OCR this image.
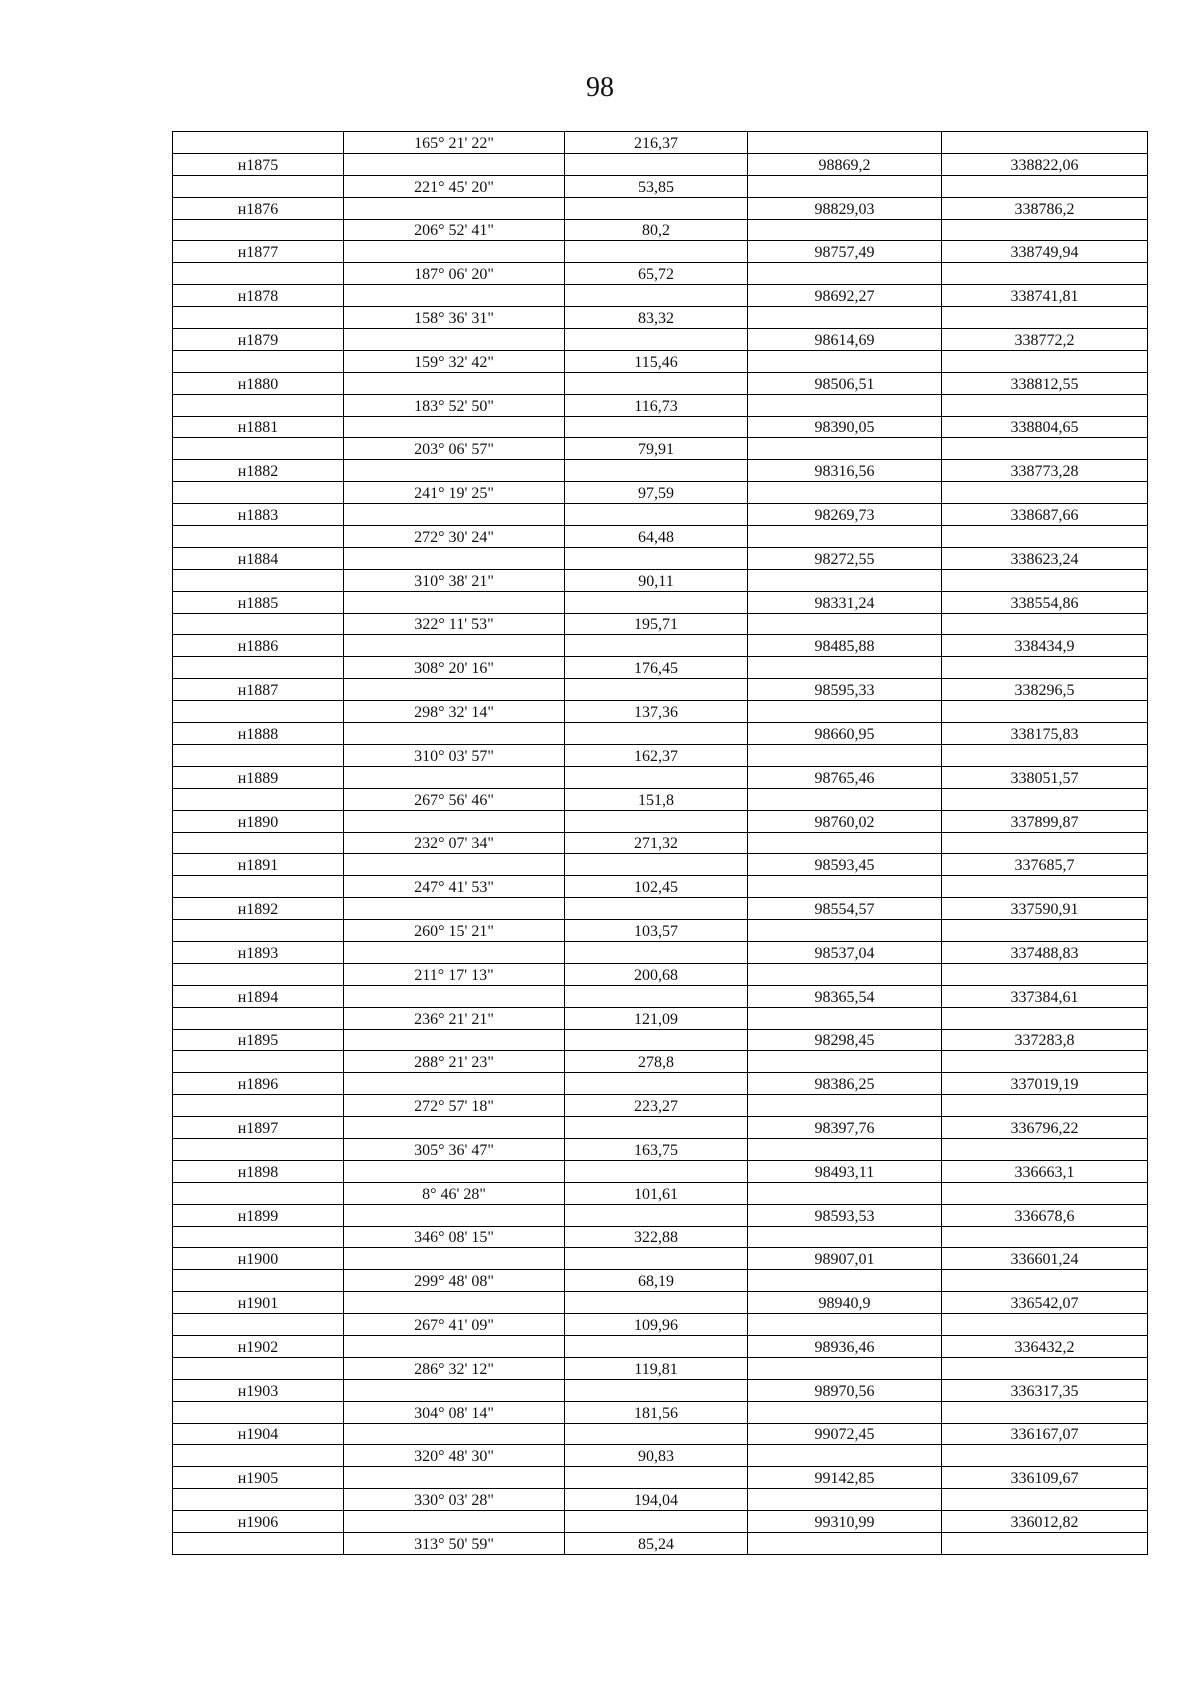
98
	165° 21' 22"	216,37		
н1875			98869,2	338822,06
	221° 45' 20"	53,85		
н1876			98829,03	338786,2
	206° 52' 41"	80,2		
н1877			98757,49	338749,94
	187° 06' 20"	65,72		
н1878			98692,27	338741,81
	158° 36' 31"	83,32		
н1879			98614,69	338772,2
	159° 32' 42"	115,46		
н1880			98506,51	338812,55
	183° 52' 50"	116,73		
н1881			98390,05	338804,65
	203° 06' 57"	79,91		
н1882			98316,56	338773,28
	241° 19' 25"	97,59		
н1883			98269,73	338687,66
	272° 30' 24"	64,48		
н1884			98272,55	338623,24
	310° 38' 21"	90,11		
н1885			98331,24	338554,86
	322° 11' 53"	195,71		
н1886			98485,88	338434,9
	308° 20' 16"	176,45		
н1887			98595,33	338296,5
	298° 32' 14"	137,36		
н1888			98660,95	338175,83
	310° 03' 57"	162,37		
н1889			98765,46	338051,57
	267° 56' 46"	151,8		
н1890			98760,02	337899,87
	232° 07' 34"	271,32		
н1891			98593,45	337685,7
	247° 41' 53"	102,45		
н1892			98554,57	337590,91
	260° 15' 21"	103,57		
н1893			98537,04	337488,83
	211° 17' 13"	200,68		
н1894			98365,54	337384,61
	236° 21' 21"	121,09		
н1895			98298,45	337283,8
	288° 21' 23"	278,8		
н1896			98386,25	337019,19
	272° 57' 18"	223,27		
н1897			98397,76	336796,22
	305° 36' 47"	163,75		
н1898			98493,11	336663,1
	8° 46' 28"	101,61		
н1899			98593,53	336678,6
	346° 08' 15"	322,88		
н1900			98907,01	336601,24
	299° 48' 08"	68,19		
н1901			98940,9	336542,07
	267° 41' 09"	109,96		
н1902			98936,46	336432,2
	286° 32' 12"	119,81		
н1903			98970,56	336317,35
	304° 08' 14"	181,56		
н1904			99072,45	336167,07
	320° 48' 30"	90,83		
н1905			99142,85	336109,67
	330° 03' 28"	194,04		
н1906			99310,99	336012,82
	313° 50' 59"	85,24		
